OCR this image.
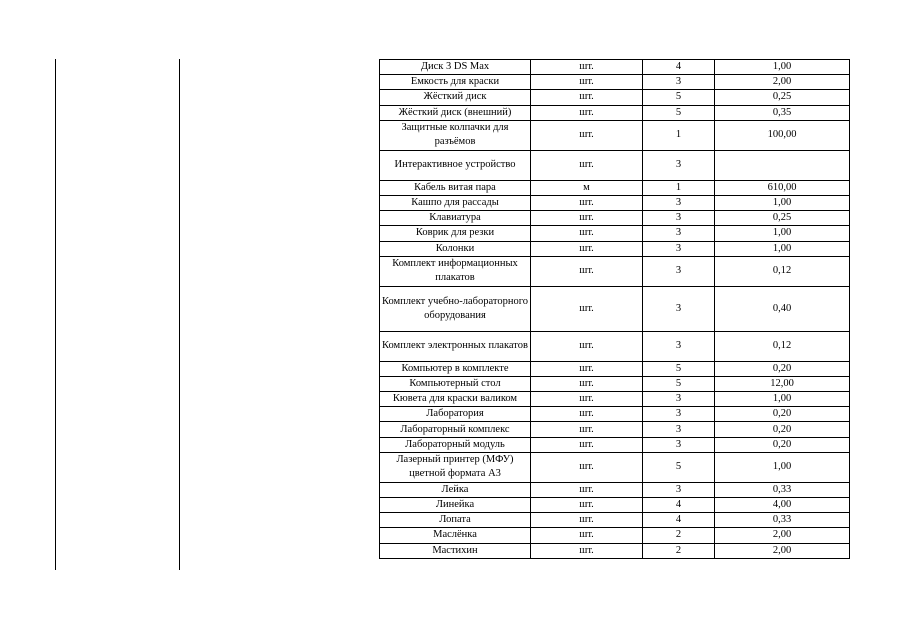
Диск 3 DS Max	шт.	4	1,00
Емкость для краски	шт.	3	2,00
Жёсткий диск	шт.	5	0,25
Жёсткий диск (внешний)	шт.	5	0,35
Защитные колпачки для разъёмов	шт.	1	100,00
Интерактивное устройство	шт.	3	
Кабель витая пара	м	1	610,00
Кашпо для рассады	шт.	3	1,00
Клавиатура	шт.	3	0,25
Коврик для резки	шт.	3	1,00
Колонки	шт.	3	1,00
Комплект информационных плакатов	шт.	3	0,12
Комплект учебно-лабораторного оборудования	шт.	3	0,40
Комплект электронных плакатов	шт.	3	0,12
Компьютер в комплекте	шт.	5	0,20
Компьютерный стол	шт.	5	12,00
Кювета для краски валиком	шт.	3	1,00
Лаборатория	шт.	3	0,20
Лабораторный комплекс	шт.	3	0,20
Лабораторный модуль	шт.	3	0,20
Лазерный принтер (МФУ) цветной формата А3	шт.	5	1,00
Лейка	шт.	3	0,33
Линейка	шт.	4	4,00
Лопата	шт.	4	0,33
Маслёнка	шт.	2	2,00
Мастихин	шт.	2	2,00
